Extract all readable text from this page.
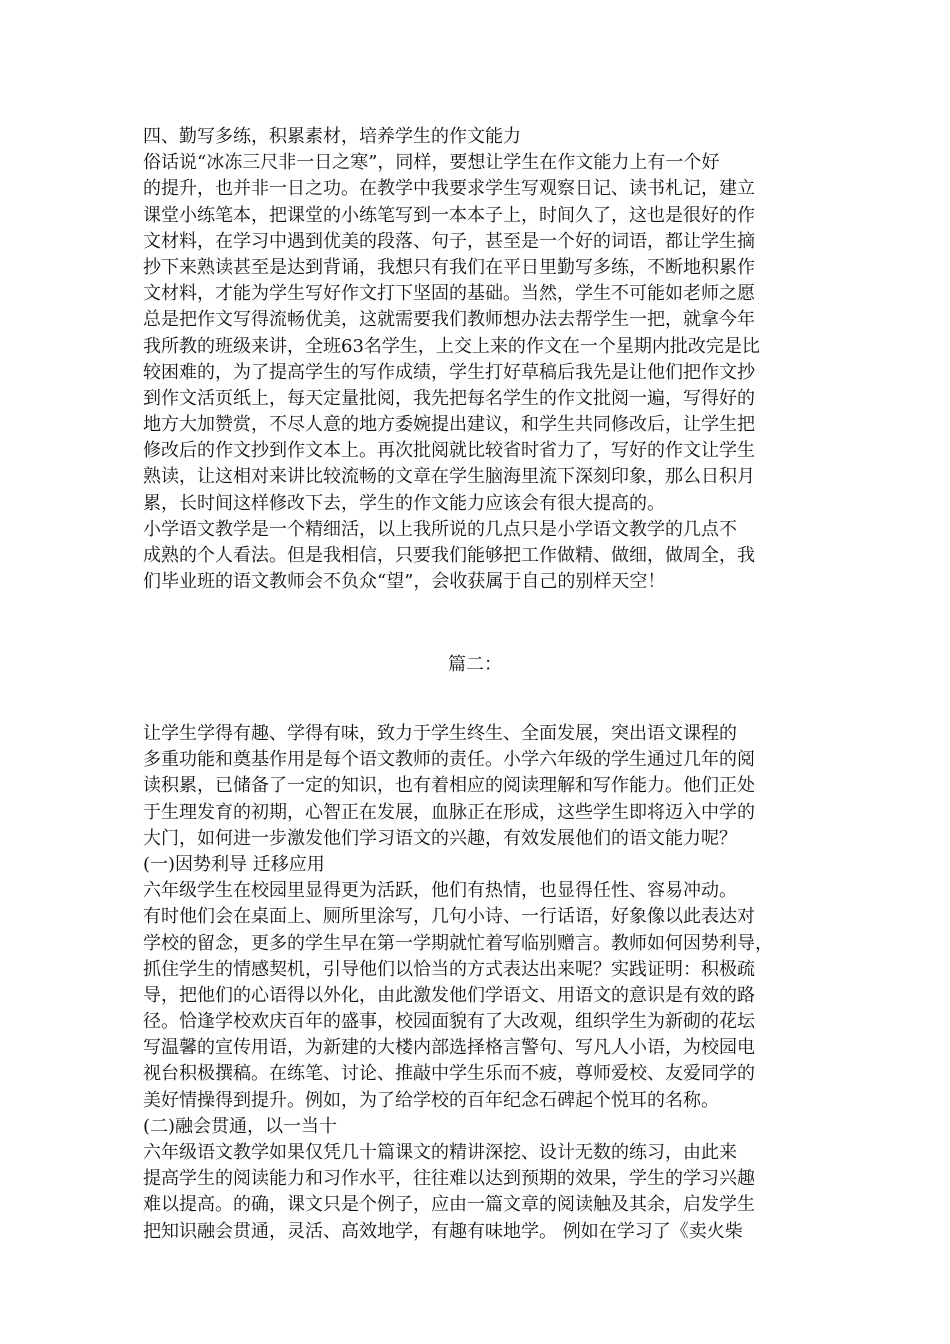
四、勤写多练，积累素材，培养学生的作文能力
俗话说“冰冻三尺非一日之寒”，同样，要想让学生在作文能力上有一个好
的提升，也并非一日之功。在教学中我要求学生写观察日记、读书札记，建立
课堂小练笔本，把课堂的小练笔写到一本本子上，时间久了，这也是很好的作
文材料，在学习中遇到优美的段落、句子，甚至是一个好的词语，都让学生摘
抄下来熟读甚至是达到背诵，我想只有我们在平日里勤写多练，不断地积累作
文材料，才能为学生写好作文打下坚固的基础。当然，学生不可能如老师之愿
总是把作文写得流畅优美，这就需要我们教师想办法去帮学生一把，就拿今年
我所教的班级来讲，全班63名学生，上交上来的作文在一个星期内批改完是比
较困难的，为了提高学生的写作成绩，学生打好草稿后我先是让他们把作文抄
到作文活页纸上，每天定量批阅，我先把每名学生的作文批阅一遍，写得好的
地方大加赞赏，不尽人意的地方委婉提出建议，和学生共同修改后，让学生把
修改后的作文抄到作文本上。再次批阅就比较省时省力了，写好的作文让学生
熟读，让这相对来讲比较流畅的文章在学生脑海里流下深刻印象，那么日积月
累，长时间这样修改下去，学生的作文能力应该会有很大提高的。
小学语文教学是一个精细活，以上我所说的几点只是小学语文教学的几点不
成熟的个人看法。但是我相信，只要我们能够把工作做精、做细，做周全，我
们毕业班的语文教师会不负众“望”，会收获属于自己的别样天空！
篇二：
让学生学得有趣、学得有味，致力于学生终生、全面发展，突出语文课程的
多重功能和奠基作用是每个语文教师的责任。小学六年级的学生通过几年的阅
读积累，已储备了一定的知识，也有着相应的阅读理解和写作能力。他们正处
于生理发育的初期，心智正在发展，血脉正在形成，这些学生即将迈入中学的
大门，如何进一步激发他们学习语文的兴趣，有效发展他们的语文能力呢？
(一)因势利导 迁移应用
六年级学生在校园里显得更为活跃，他们有热情，也显得任性、容易冲动。
有时他们会在桌面上、厕所里涂写，几句小诗、一行话语，好象像以此表达对
学校的留念，更多的学生早在第一学期就忙着写临别赠言。教师如何因势利导，
抓住学生的情感契机，引导他们以恰当的方式表达出来呢？实践证明：积极疏
导，把他们的心语得以外化，由此激发他们学语文、用语文的意识是有效的路
径。恰逢学校欢庆百年的盛事，校园面貌有了大改观，组织学生为新砌的花坛
写温馨的宣传用语，为新建的大楼内部选择格言警句、写凡人小语，为校园电
视台积极撰稿。在练笔、讨论、推敲中学生乐而不疲，尊师爱校、友爱同学的
美好情操得到提升。例如，为了给学校的百年纪念石碑起个悦耳的名称。
(二)融会贯通，以一当十
六年级语文教学如果仅凭几十篇课文的精讲深挖、设计无数的练习，由此来
提高学生的阅读能力和习作水平，往往难以达到预期的效果，学生的学习兴趣
难以提高。的确，课文只是个例子，应由一篇文章的阅读触及其余，启发学生
把知识融会贯通，灵活、高效地学，有趣有味地学。 例如在学习了《卖火柴
